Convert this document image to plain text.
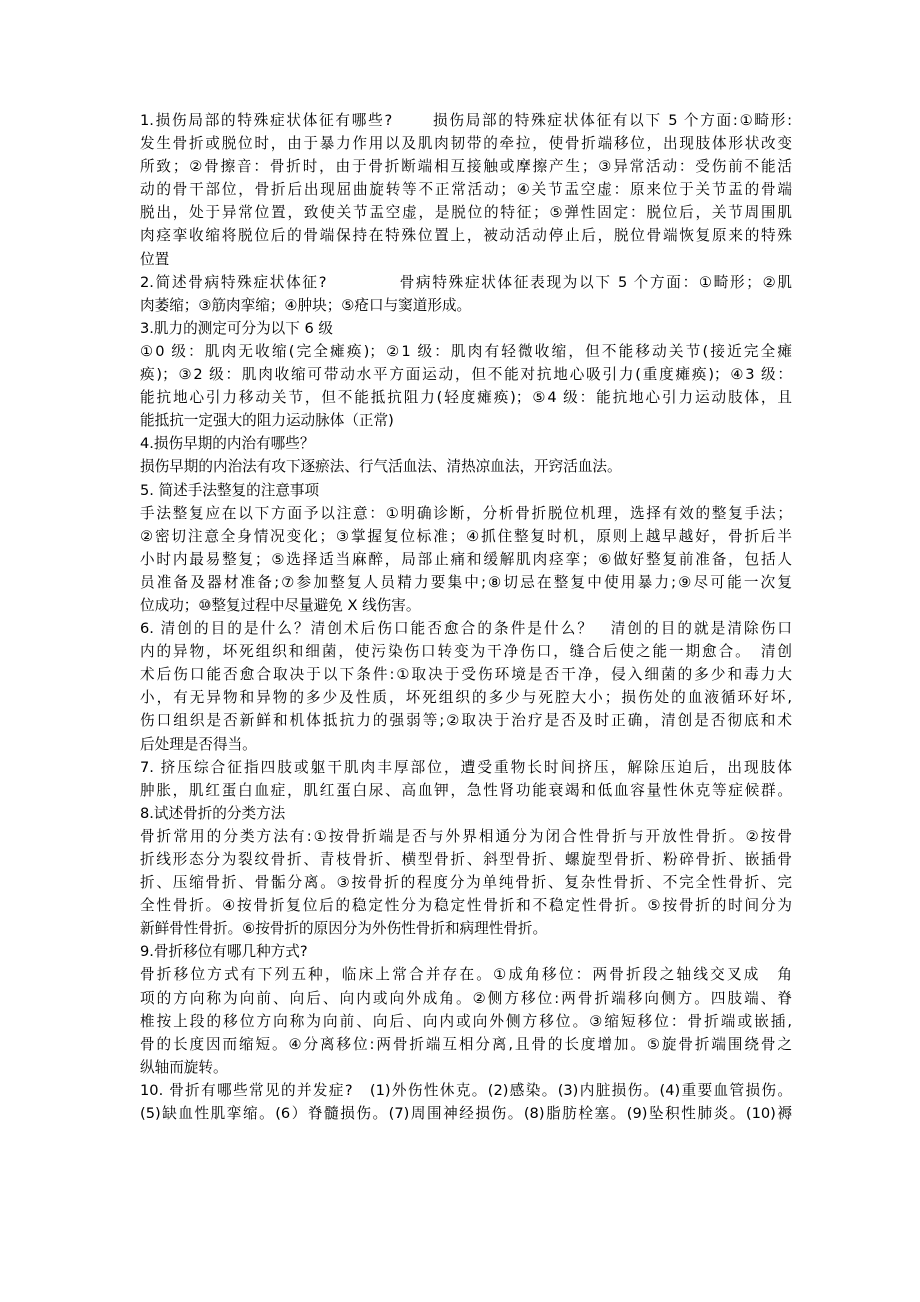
1.损伤局部的特殊症状体征有哪些?　　 损伤局部的特殊症状体征有以下 5 个方面:①畸形:
发生骨折或脱位时，由于暴力作用以及肌肉韧带的牵拉，使骨折端移位，出现肢体形状改变
所致；②骨擦音：骨折时，由于骨折断端相互接触或摩擦产生；③异常活动：受伤前不能活
动的骨干部位，骨折后出现屈曲旋转等不正常活动；④关节盂空虚：原来位于关节盂的骨端
脱出，处于异常位置，致使关节盂空虚，是脱位的特征；⑤弹性固定：脱位后，关节周围肌
肉痉挛收缩将脱位后的骨端保持在特殊位置上，被动活动停止后，脱位骨端恢复原来的特殊
位置
2.简述骨病特殊症状体征?　　　　 骨病特殊症状体征表现为以下 5 个方面：①畸形；②肌
肉萎缩；③筋肉挛缩；④肿块；⑤疮口与窦道形成。
3.肌力的测定可分为以下 6 级
①0 级：肌肉无收缩(完全瘫痪)；②1 级：肌肉有轻微收缩，但不能移动关节(接近完全瘫
痪)；③2 级：肌肉收缩可带动水平方面运动，但不能对抗地心吸引力(重度瘫痪)；④3 级：
能抗地心引力移动关节，但不能抵抗阻力(轻度瘫痪)；⑤4 级：能抗地心引力运动肢体，且
能抵抗一定强大的阻力运动脉体（正常)
4.损伤早期的内治有哪些？
损伤早期的内治法有攻下逐瘀法、行气活血法、清热凉血法，开窍活血法。
5. 简述手法整复的注意事项
手法整复应在以下方面予以注意：①明确诊断，分析骨折脱位机理，选择有效的整复手法；
②密切注意全身情况变化；③掌握复位标准；④抓住整复时机，原则上越早越好，骨折后半
小时内最易整复；⑤选择适当麻醉，局部止痛和缓解肌肉痉挛；⑥做好整复前准备，包括人
员准备及器材准备;⑦参加整复人员精力要集中;⑧切忌在整复中使用暴力;⑨尽可能一次复
位成功；⑩整复过程中尽量避免 X 线伤害。
6. 清创的目的是什么？清创术后伤口能否愈合的条件是什么？　清创的目的就是清除伤口
内的异物，坏死组织和细菌，使污染伤口转变为干净伤口，缝合后使之能一期愈合。　清创
术后伤口能否愈合取决于以下条件:①取决于受伤环境是否干净，侵入细菌的多少和毒力大
小，有无异物和异物的多少及性质，坏死组织的多少与死腔大小；损伤处的血液循环好坏,
伤口组织是否新鲜和机体抵抗力的强弱等;②取决于治疗是否及时正确，清创是否彻底和术
后处理是否得当。
7. 挤压综合征指四肢或躯干肌肉丰厚部位，遭受重物长时间挤压，解除压迫后，出现肢体
肿胀，肌红蛋白血症，肌红蛋白尿、高血钾，急性肾功能衰竭和低血容量性休克等症候群。
8.试述骨折的分类方法
骨折常用的分类方法有:①按骨折端是否与外界相通分为闭合性骨折与开放性骨折。②按骨
折线形态分为裂纹骨折、青枝骨折、横型骨折、斜型骨折、螺旋型骨折、粉碎骨折、嵌插骨
折、压缩骨折、骨骺分离。③按骨折的程度分为单纯骨折、复杂性骨折、不完全性骨折、完
全性骨折。④按骨折复位后的稳定性分为稳定性骨折和不稳定性骨折。⑤按骨折的时间分为
新鲜骨性骨折。⑥按骨折的原因分为外伤性骨折和病理性骨折。
9.骨折移位有哪几种方式?
骨折移位方式有下列五种，临床上常合并存在。①成角移位：两骨折段之轴线交叉成　角
项的方向称为向前、向后、向内或向外成角。②侧方移位:两骨折端移向侧方。四肢端、脊
椎按上段的移位方向称为向前、向后、向内或向外侧方移位。③缩短移位：骨折端或嵌插,
骨的长度因而缩短。④分离移位:两骨折端互相分离,且骨的长度增加。⑤旋骨折端围绕骨之
纵轴而旋转。
10. 骨折有哪些常见的并发症?　(1)外伤性休克。(2)感染。(3)内脏损伤。(4)重要血管损伤。
(5)缺血性肌挛缩。(6）脊髓损伤。(7)周围神经损伤。(8)脂肪栓塞。(9)坠积性肺炎。(10)褥
